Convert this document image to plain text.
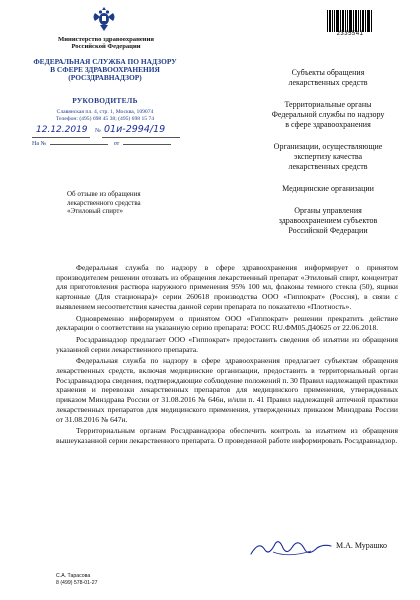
Министерство здравоохранения
Российской Федерации
ФЕДЕРАЛЬНАЯ СЛУЖБА ПО НАДЗОРУ
В СФЕРЕ ЗДРАВООХРАНЕНИЯ
(РОСЗДРАВНАДЗОР)
РУКОВОДИТЕЛЬ
Славянская пл. 4, стр. 1, Москва, 109074
Телефон: (495) 698 45 38; (495) 698 15 74
12.12.2019 № 01и-2994/19
На №	от
2335541
Субъекты обращения
лекарственных средств
Территориальные органы
Федеральной службы по надзору
в сфере здравоохранения
Организации, осуществляющие
экспертизу качества
лекарственных средств
Медицинские организации
Органы управления
здравоохранением субъектов
Российской Федерации
Об отзыве из обращения
лекарственного средства
«Этиловый спирт»

Федеральная служба по надзору в сфере здравоохранения информирует о принятом производителем решении отозвать из обращения лекарственный препарат «Этиловый спирт, концентрат для приготовления раствора наружного применения 95% 100 мл, флаконы темного стекла (50), ящики картонные (Для стационара)» серии 260618 производства ООО «Гиппократ» (Россия), в связи с выявлением несоответствия качества данной серии препарата по показателю «Плотность».

Одновременно информируем о принятом ООО «Гиппократ» решении прекратить действие декларации о соответствии на указанную серию препарата: РОСС RU.ФМ05.Д40625 от 22.06.2018.

Росздравнадзор предлагает ООО «Гиппократ» предоставить сведения об изъятии из обращения указанной серии лекарственного препарата.

Федеральная служба по надзору в сфере здравоохранения предлагает субъектам обращения лекарственных средств, включая медицинские организации, предоставить в территориальный орган Росздравнадзора сведения, подтверждающие соблюдение положений п. 30 Правил надлежащей практики хранения и перевозки лекарственных препаратов для медицинского применения, утвержденных приказом Минздрава России от 31.08.2016 № 646н, и/или п. 41 Правил надлежащей аптечной практики лекарственных препаратов для медицинского применения, утвержденных приказом Минздрава России от 31.08.2016 № 647н.

Территориальным органам Росздравнадзора обеспечить контроль за изъятием из обращения вышеуказанной серии лекарственного препарата. О проведенной работе информировать Росздравнадзор.

М.А. Мурашко
С.А. Тарасова
8 (499) 578-01-27
